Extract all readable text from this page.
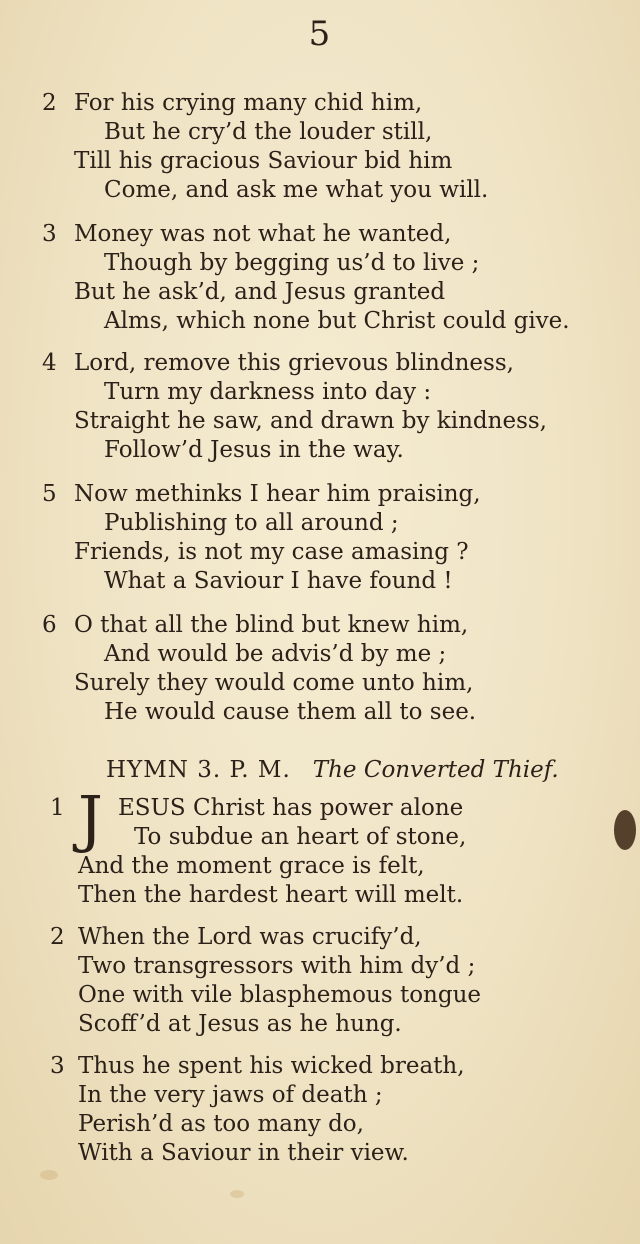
5
2 For his crying many chid him,
But he cry’d the louder still,
Till his gracious Saviour bid him
Come, and ask me what you will.
3 Money was not what he wanted,
Though by begging us’d to live ;
But he ask’d, and Jesus granted
Alms, which none but Christ could give.
4 Lord, remove this grievous blindness,
Turn my darkness into day :
Straight he saw, and drawn by kindness,
Follow’d Jesus in the way.
5 Now methinks I hear him praising,
Publishing to all around ;
Friends, is not my case amasing ?
What a Saviour I have found !
6 O that all the blind but knew him,
And would be advis’d by me ;
Surely they would come unto him,
He would cause them all to see.
HYMN 3. P. M. The Converted Thief.
1 J ESUS Christ has power alone
To subdue an heart of stone,
And the moment grace is felt,
Then the hardest heart will melt.
2 When the Lord was crucify’d,
Two transgressors with him dy’d ;
One with vile blasphemous tongue
Scoff’d at Jesus as he hung.
3 Thus he spent his wicked breath,
In the very jaws of death ;
Perish’d as too many do,
With a Saviour in their view.
